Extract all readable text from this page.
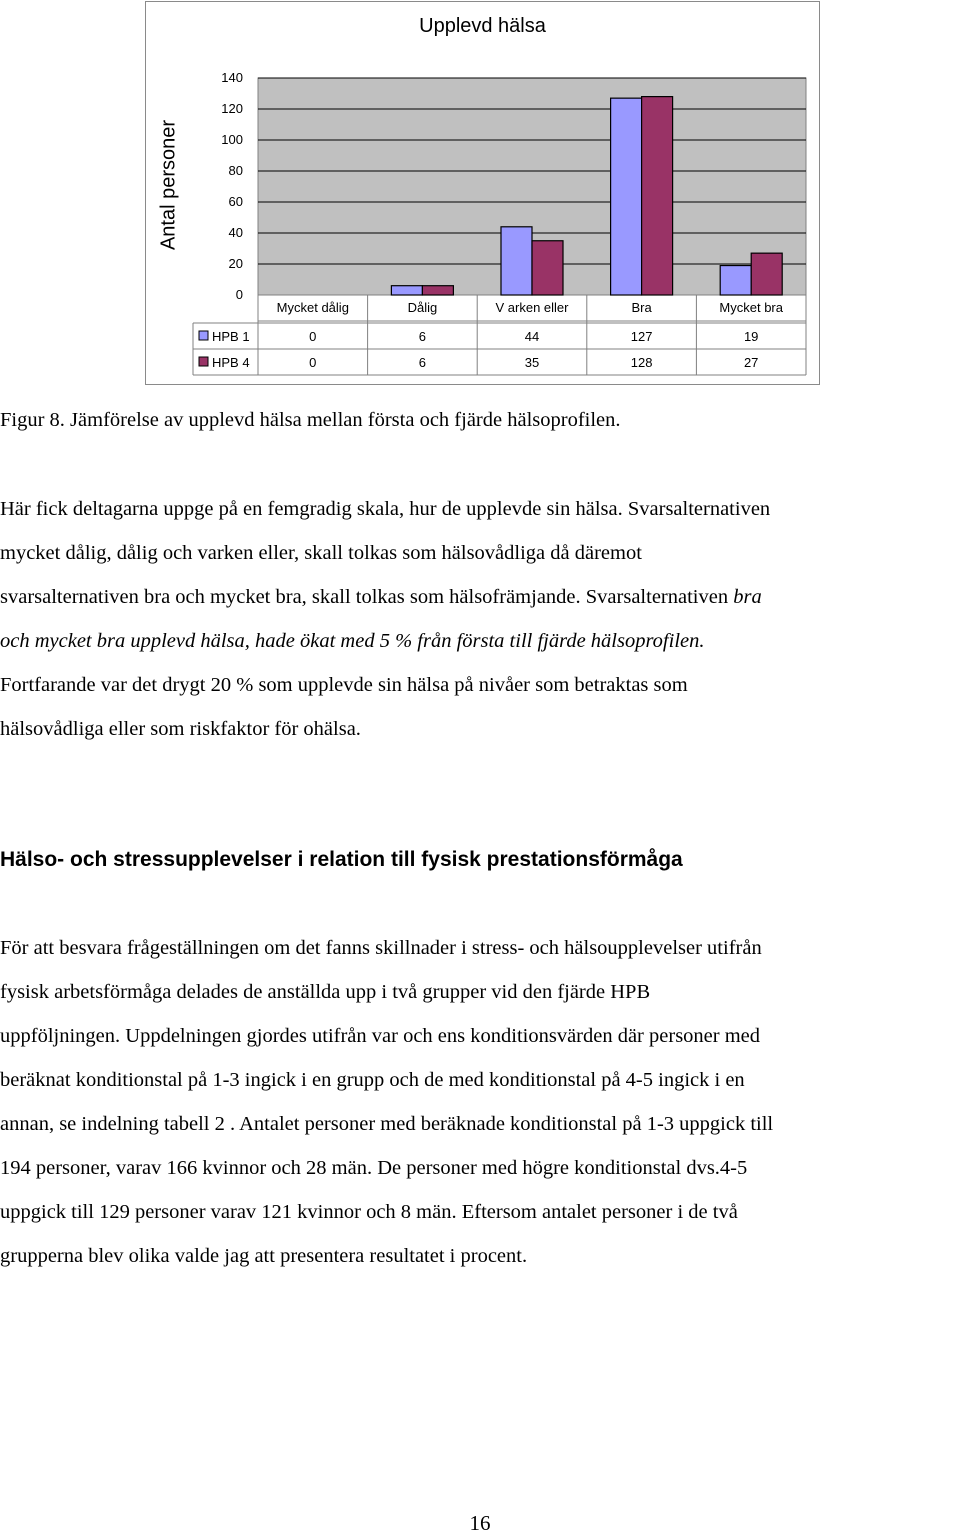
Upplevd hälsa
Antal personer
0
20
40
60
80
100
120
140
Mycket dålig	Dålig	V arken eller	Bra	Mycket bra
HPB 1	0	6	44	127	19
HPB 4	0	6	35	128	27

Figur 8. Jämförelse av upplevd hälsa mellan första och fjärde hälsoprofilen.

Här fick deltagarna uppge på en femgradig skala, hur de upplevde sin hälsa. Svarsalternativen
mycket dålig, dålig och varken eller, skall tolkas som hälsovådliga då däremot
svarsalternativen bra och mycket bra, skall tolkas som hälsofrämjande. Svarsalternativen bra
och mycket bra upplevd hälsa, hade ökat med 5 % från första till fjärde hälsoprofilen.
Fortfarande var det drygt 20 % som upplevde sin hälsa på nivåer som betraktas som
hälsovådliga eller som riskfaktor för ohälsa.

Hälso- och stressupplevelser i relation till fysisk prestationsförmåga

För att besvara frågeställningen om det fanns skillnader i stress- och hälsoupplevelser utifrån
fysisk arbetsförmåga delades de anställda upp i två grupper vid den fjärde HPB
uppföljningen. Uppdelningen gjordes utifrån var och ens konditionsvärden där personer med
beräknat konditionstal på 1-3 ingick i en grupp och de med konditionstal på 4-5 ingick i en
annan, se indelning tabell 2 . Antalet personer med beräknade konditionstal på 1-3 uppgick till
194 personer, varav 166 kvinnor och 28 män. De personer med högre konditionstal dvs.4-5
uppgick till 129 personer varav 121 kvinnor och 8 män. Eftersom antalet personer i de två
grupperna blev olika valde jag att presentera resultatet i procent.

16
